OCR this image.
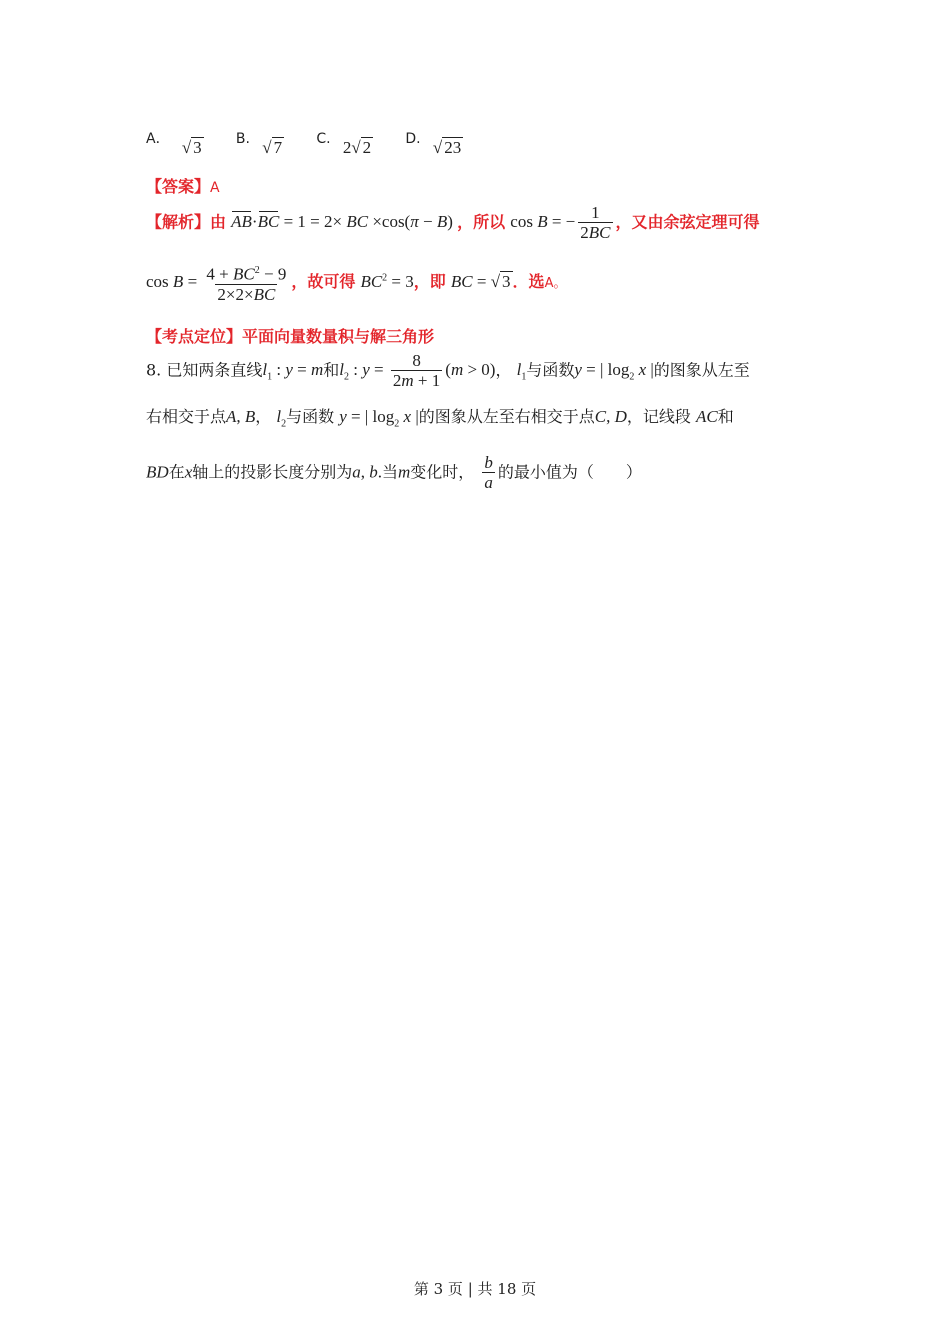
$^{A.}$ √ 3 $^{B.}$ √ 7 $^{C.}$ 2√ 2 $^{D.}$ √ 23
【答案】A
【解析】由 AB·BC = 1 = 2× BC ×cos(π − B) ，所以 cos B = − $\frac{1}{2BC}$ ，又由余弦定理可得
$\cos B = \frac{4 + BC^2 - 9}{2\times 2\times BC}$ ，故可得 $BC^2 = 3$，即 BC = √ 3 ．选A。
【考点定位】平面向量数量积与解三角形
8. 已知两条直线$l_1$ : y = m和$l_2$ : $y = \frac{8}{2m + 1} (m > 0)$， $l_1$与函数y = | $\log_2 x$ |的图象从左至
右相交于点A, B， $l_2$与函数 y = | $\log_2 x$ |的图象从左至右相交于点C, D，记线段 AC和
BD在x轴上的投影长度分别为a, b.当m变化时， $\frac{b}{a}$ 的最小值为（　　）
第 3 页 | 共 18 页
